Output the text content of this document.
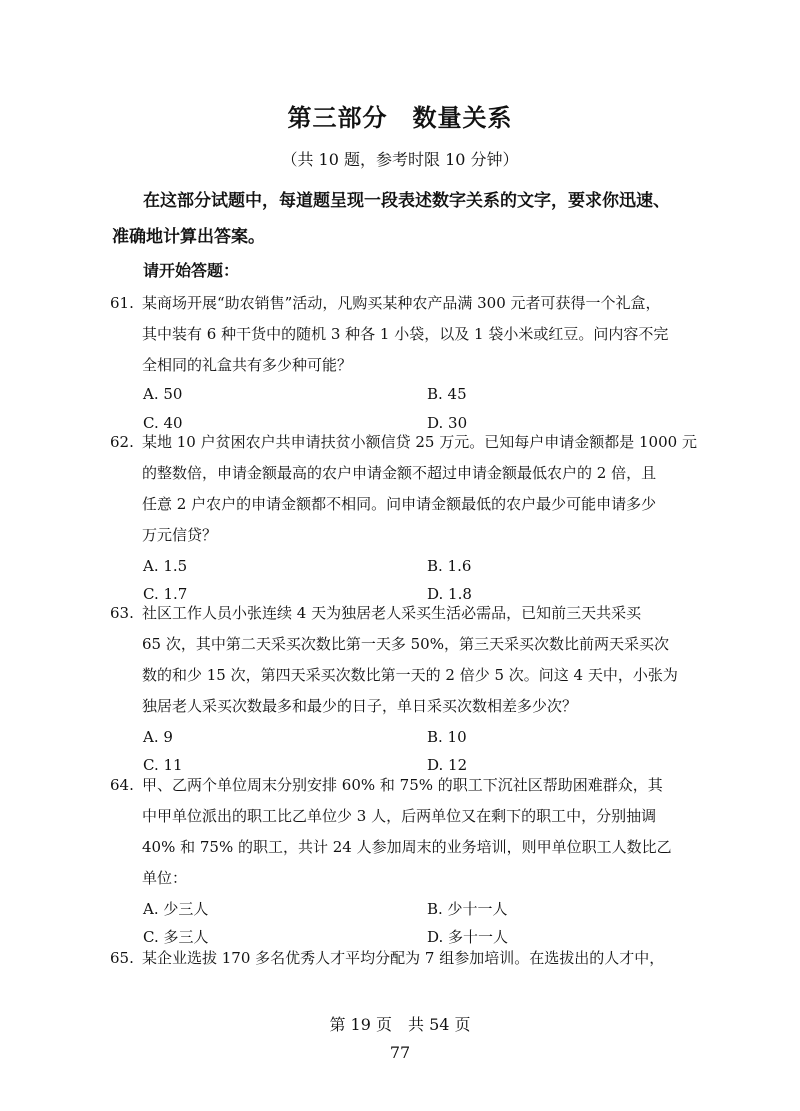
第三部分　数量关系
（共 10 题，参考时限 10 分钟）
在这部分试题中，每道题呈现一段表述数字关系的文字，要求你迅速、
准确地计算出答案。
请开始答题：
61. 某商场开展“助农销售”活动，凡购买某种农产品满 300 元者可获得一个礼盒，
其中装有 6 种干货中的随机 3 种各 1 小袋，以及 1 袋小米或红豆。问内容不完
全相同的礼盒共有多少种可能？
A. 50	B. 45
C. 40	D. 30
62. 某地 10 户贫困农户共申请扶贫小额信贷 25 万元。已知每户申请金额都是 1000 元
的整数倍，申请金额最高的农户申请金额不超过申请金额最低农户的 2 倍，且
任意 2 户农户的申请金额都不相同。问申请金额最低的农户最少可能申请多少
万元信贷？
A. 1.5	B. 1.6
C. 1.7	D. 1.8
63. 社区工作人员小张连续 4 天为独居老人采买生活必需品，已知前三天共采买
65 次，其中第二天采买次数比第一天多 50%，第三天采买次数比前两天采买次
数的和少 15 次，第四天采买次数比第一天的 2 倍少 5 次。问这 4 天中，小张为
独居老人采买次数最多和最少的日子，单日采买次数相差多少次？
A. 9	B. 10
C. 11	D. 12
64. 甲、乙两个单位周末分别安排 60% 和 75% 的职工下沉社区帮助困难群众，其
中甲单位派出的职工比乙单位少 3 人，后两单位又在剩下的职工中，分别抽调
40% 和 75% 的职工，共计 24 人参加周末的业务培训，则甲单位职工人数比乙
单位：
A. 少三人	B. 少十一人
C. 多三人	D. 多十一人
65. 某企业选拔 170 多名优秀人才平均分配为 7 组参加培训。在选拔出的人才中，
第 19 页　共 54 页
77
